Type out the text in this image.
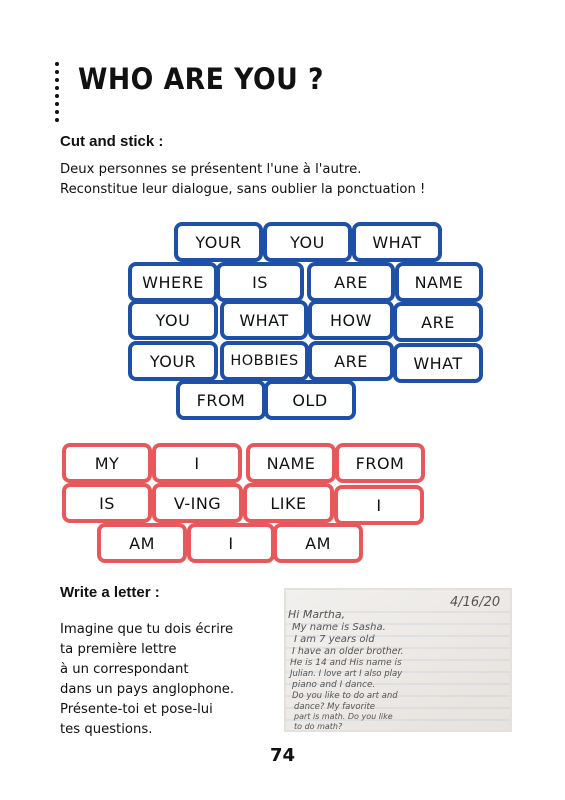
WHO ARE YOU ?
Cut and stick :
Deux personnes se présentent l'une à l'autre.
Reconstitue leur dialogue, sans oublier la ponctuation !
YOUR	YOU	WHAT
WHERE	IS	ARE	NAME
YOU	WHAT	HOW	ARE
YOUR	HOBBIES	ARE	WHAT
FROM	OLD
MY	I	NAME	FROM
IS	V-ING	LIKE	I
AM	I	AM
Write a letter :
Imagine que tu dois écrire
ta première lettre
à un correspondant
dans un pays anglophone.
Présente-toi et pose-lui
tes questions.
4/16/20
Hi Martha,
My name is Sasha.
I am 7 years old
I have an older brother.
He is 14 and His name is
Julian. I love art I also play
piano and I dance.
Do you like to do art and
dance? My favorite
part is math. Do you like
to do math?
74
